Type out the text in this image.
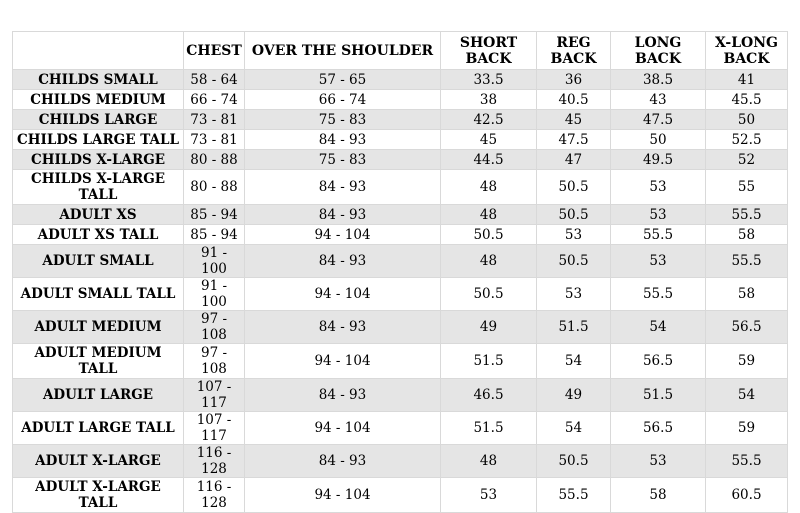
	CHEST	OVER THE SHOULDER	SHORT BACK	REG BACK	LONG BACK	X-LONG BACK
CHILDS SMALL	58 - 64	57 - 65	33.5	36	38.5	41
CHILDS MEDIUM	66 - 74	66 - 74	38	40.5	43	45.5
CHILDS LARGE	73 - 81	75 - 83	42.5	45	47.5	50
CHILDS LARGE TALL	73 - 81	84 - 93	45	47.5	50	52.5
CHILDS X-LARGE	80 - 88	75 - 83	44.5	47	49.5	52
CHILDS X-LARGE TALL	80 - 88	84 - 93	48	50.5	53	55
ADULT XS	85 - 94	84 - 93	48	50.5	53	55.5
ADULT XS TALL	85 - 94	94 - 104	50.5	53	55.5	58
ADULT SMALL	91 - 100	84 - 93	48	50.5	53	55.5
ADULT SMALL TALL	91 - 100	94 - 104	50.5	53	55.5	58
ADULT MEDIUM	97 - 108	84 - 93	49	51.5	54	56.5
ADULT MEDIUM TALL	97 - 108	94 - 104	51.5	54	56.5	59
ADULT LARGE	107 - 117	84 - 93	46.5	49	51.5	54
ADULT LARGE TALL	107 - 117	94 - 104	51.5	54	56.5	59
ADULT X-LARGE	116 - 128	84 - 93	48	50.5	53	55.5
ADULT X-LARGE TALL	116 - 128	94 - 104	53	55.5	58	60.5
